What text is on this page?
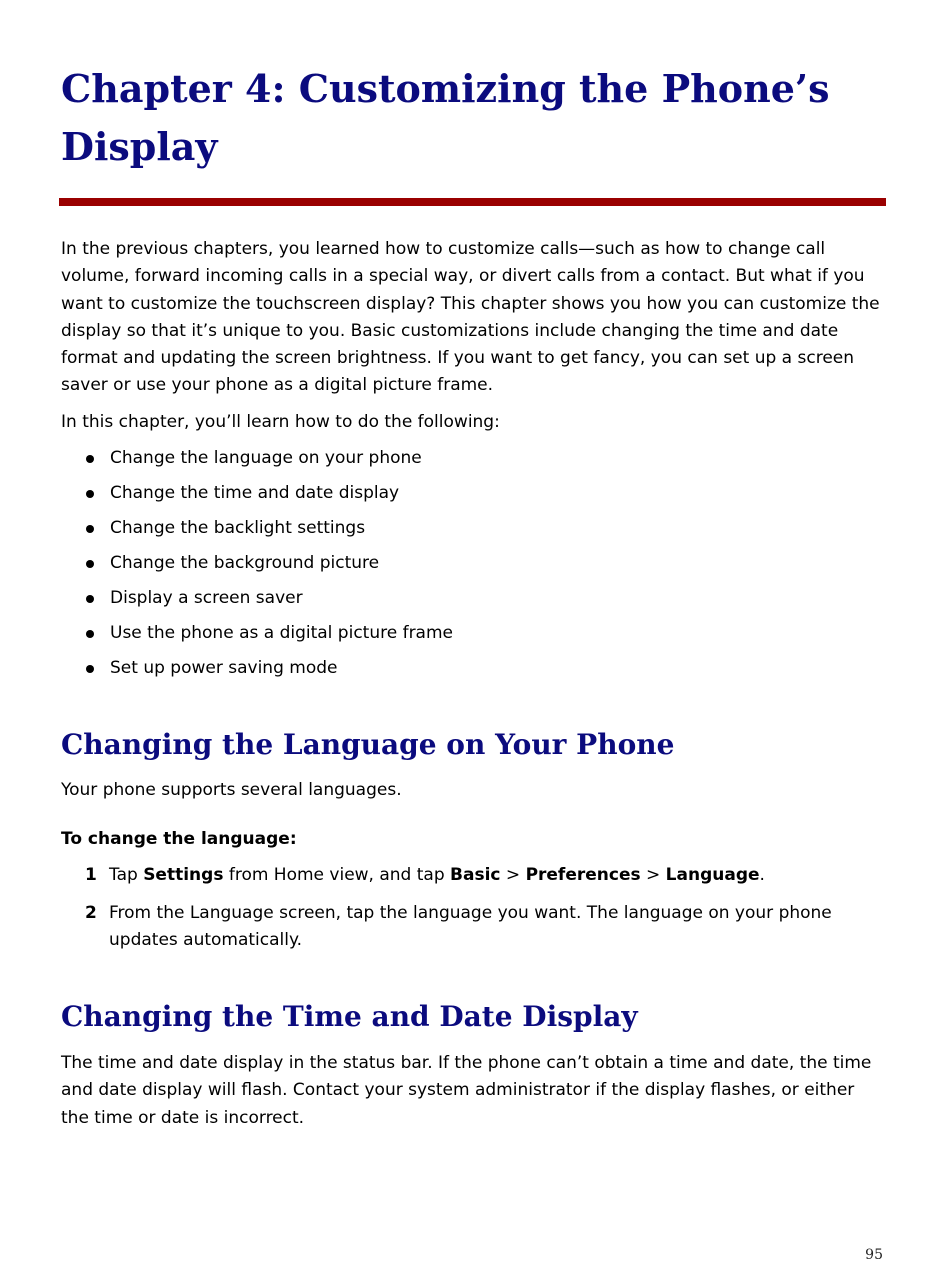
Chapter 4: Customizing the Phone’s Display

In the previous chapters, you learned how to customize calls—such as how to change call volume, forward incoming calls in a special way, or divert calls from a contact. But what if you want to customize the touchscreen display? This chapter shows you how you can customize the display so that it’s unique to you. Basic customizations include changing the time and date format and updating the screen brightness. If you want to get fancy, you can set up a screen saver or use your phone as a digital picture frame.

In this chapter, you’ll learn how to do the following:

Change the language on your phone
Change the time and date display
Change the backlight settings
Change the background picture
Display a screen saver
Use the phone as a digital picture frame
Set up power saving mode
Changing the Language on Your Phone

Your phone supports several languages.

To change the language:

1 Tap Settings from Home view, and tap Basic > Preferences > Language.
2 From the Language screen, tap the language you want. The language on your phone updates automatically.
Changing the Time and Date Display

The time and date display in the status bar. If the phone can’t obtain a time and date, the time and date display will flash. Contact your system administrator if the display flashes, or either the time or date is incorrect.

95
